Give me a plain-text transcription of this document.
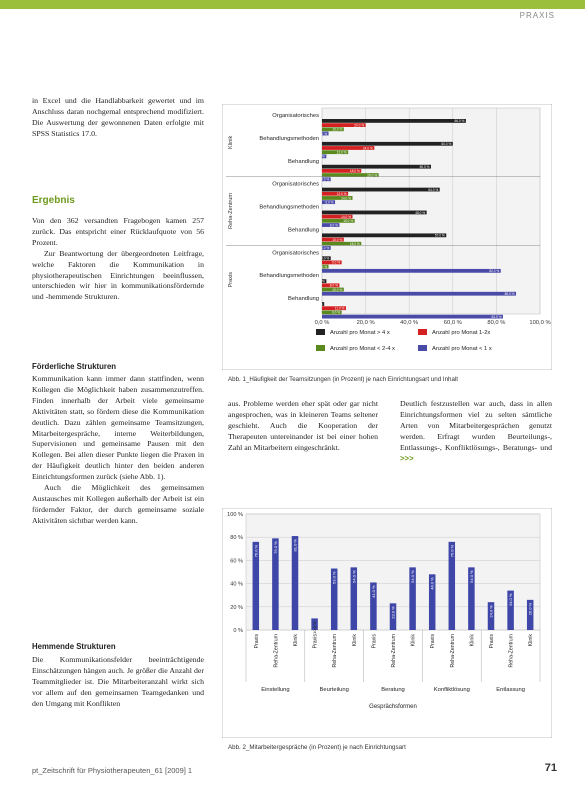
PRAXIS

in Excel und die Handlabbarkeit gewertet und im Anschluss daran nochgemal entsprechend modifiziert. Die Auswertung der gewonnenen Daten erfolgte mit SPSS Statistics 17.0.

Ergebnis

Von den 362 versandten Fragebogen kamen 257 zurück. Das entspricht einer Rücklaufquote von 56 Prozent.

Zur Beantwortung der übergeordneten Leitfrage, welche Faktoren die Kommunikation in physiotherapeutischen Einrichtungen beeinflussen, unterschieden wir hier in kommunikationsfördernde und -hemmende Strukturen.

Förderliche Strukturen

Kommunikation kann immer dann stattfinden, wenn Kollegen die Möglichkeit haben zusammenzutreffen. Finden innerhalb der Arbeit viele gemeinsame Aktivitäten statt, so fördern diese die Kommunikation deutlich. Dazu zählen gemeinsame Teamsitzungen, Mitarbeitergespräche, interne Weiterbildungen, Supervisionen und gemeinsame Pausen mit den Kollegen. Bei allen dieser Punkte liegen die Praxen in der Häufigkeit deutlich hinter den beiden anderen Einrichtungsformen zurück (siehe Abb. 1).

Auch die Möglichkeit des gemeinsamen Austausches mit Kollegen außerhalb der Arbeit ist ein fördernder Faktor, der durch gemeinsame soziale Aktivitäten sichtbar werden kann.

Hemmende Strukturen

Die Kommunikationsfelder beeinträchtigende Einschätzungen hängen auch. Je größer die Anzahl der Teammitglieder ist. Die Mitarbeiteranzahl wirkt sich vor allem auf den gemeinsamen Teamgedanken und den Umgang mit Konflikten

0,0 %	20,0 %	40,0 %	60,0 %	80,0 %	100,0 %
Klinik
Organisatorisches
66.0 %
20.0 %
10.0 %
3.0 %
Behandlungsmethoden
60.0 %
24.0 %
12.0 %
2.0 %
Behandlung
50.0 %
18.0 %
26.0 %
4.0 %
Reha-Zentrum
Organisatorisches
54.0 %
12.0 %
14.0 %
6.0 %
Behandlungsmethoden
48.0 %
14.0 %
15.0 %
8.0 %
Behandlung
57.0 %
10.0 %
18.0 %
4.0 %
Praxis
Organisatorisches
4.0 %
9.0 %
3.0 %
82.0 %
Behandlungsmethoden
2.0 %
8.0 %
10.0 %
89.0 %
Behandlung
1.0 %
11.0 %
9.0 %
83.0 %
Anzahl pro Monat > 4 x	Anzahl pro Monat 1-2x
Anzahl pro Monat < 2-4 x	Anzahl pro Monat < 1 x
Abb. 1_Häufigkeit der Teamsitzungen (in Prozent) je nach Einrichtungsart und Inhalt
aus. Probleme werden eher spät oder gar nicht angesprochen, was in kleineren Teams seltener geschieht. Auch die Kooperation der Therapeuten untereinander ist bei einer hohen Zahl an Mitarbeitern eingeschränkt.
Deutlich festzustellen war auch, dass in allen Einrichtungsformen viel zu selten sämtliche Arten von Mitarbeitergesprächen genutzt werden. Erfragt wurden Beurteilungs-, Entlassungs-, Konfliktlösungs-, Beratungs- und >>>
0 %
20 %
40 %
60 %
80 %
100 %
76.0 %
Praxis
79.0 %
Reha-Zentrum
81.0 %
Klinik
Einstellung
10.0 %
Praxis
53.0 %
Reha-Zentrum
54.0 %
Klinik
Beurteilung
41.0 %
Praxis
23.0 %
Reha-Zentrum
54.0 %
Klinik
Beratung
48.0 %
Praxis
76.0 %
Reha-Zentrum
54.0 %
Klinik
Konfliktlösung
24.0 %
Praxis
34.0 %
Reha-Zentrum
26.0 %
Klinik
Entlassung
Gesprächsformen
Abb. 2_Mitarbeitergespräche (in Prozent) je nach Einrichtungsart
pt_Zeitschrift für Physiotherapeuten_61 [2009] 1	71
